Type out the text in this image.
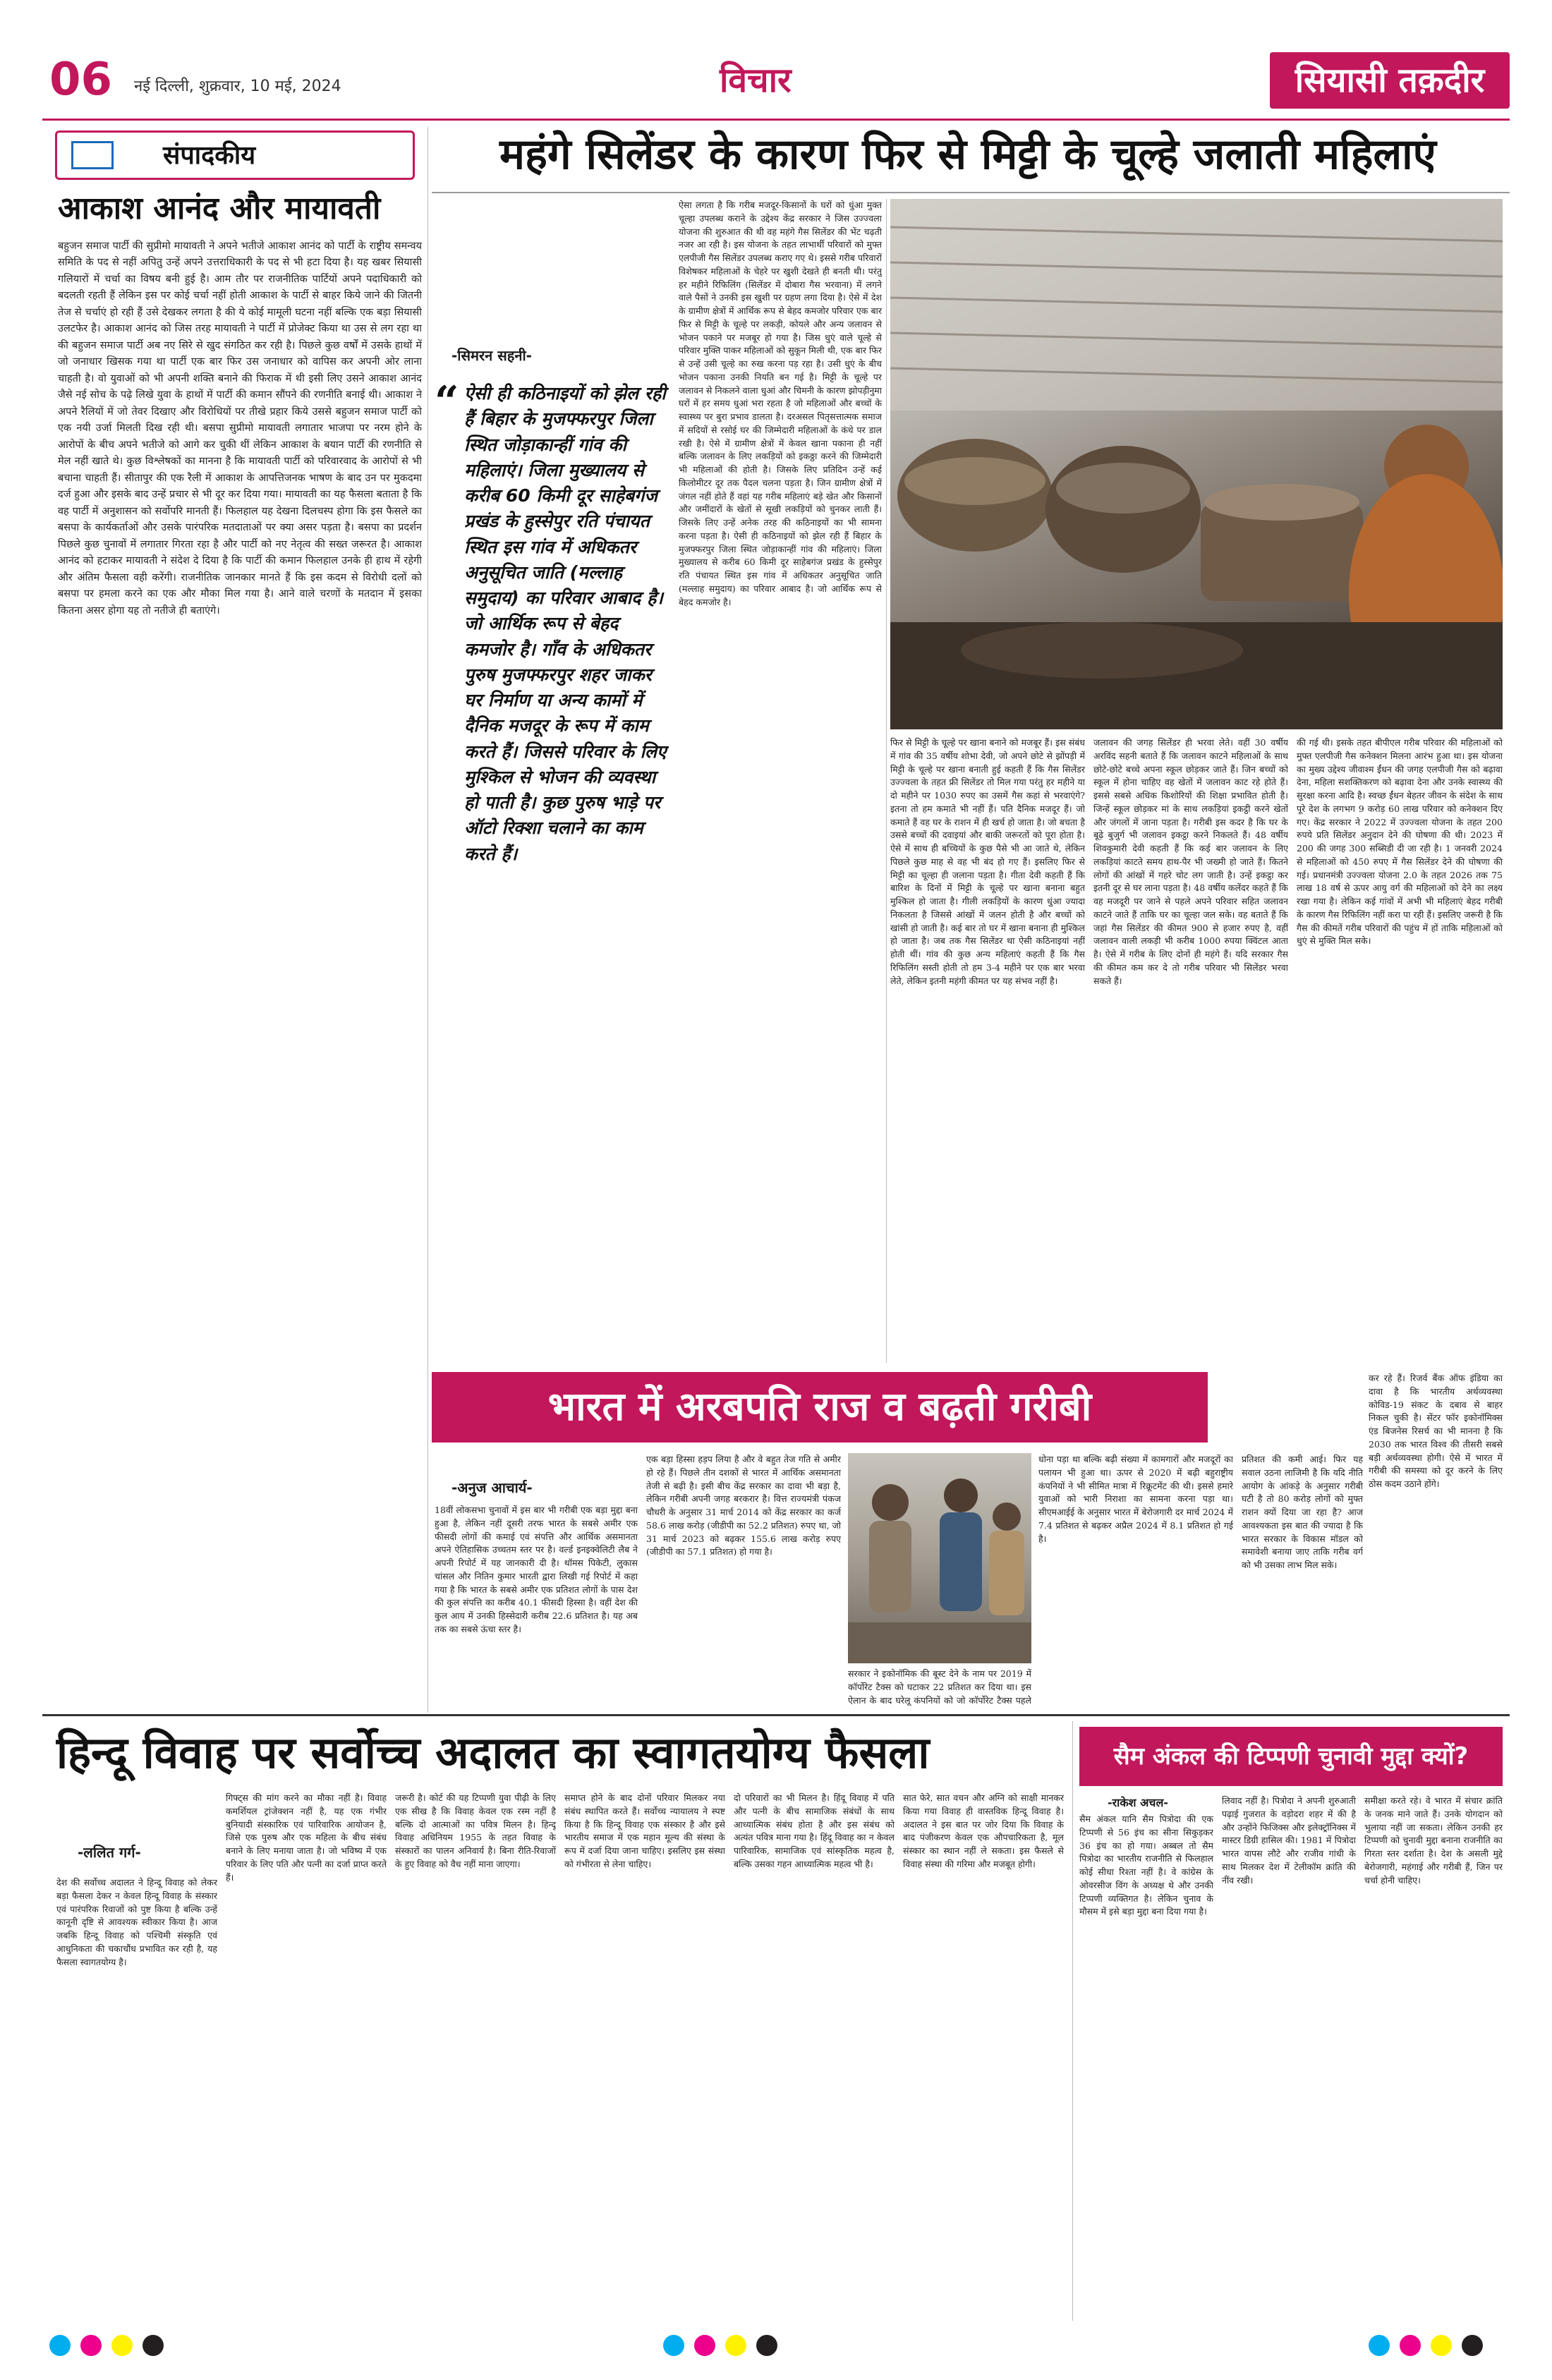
06 नई दिल्ली, शुक्रवार, 10 मई, 2024	विचार	सियासी तक़दीर
संपादकीय
आकाश आनंद और मायावती
बहुजन समाज पार्टी की सुप्रीमो मायावती ने अपने भतीजे आकाश आनंद को पार्टी के राष्ट्रीय समन्वय समिति के पद से नहीं अपितु उन्हें अपने उत्तराधिकारी के पद से भी हटा दिया है। यह खबर सियासी गलियारों में चर्चा का विषय बनी हुई है। आम तौर पर राजनीतिक पार्टियों अपने पदाधिकारी को बदलती रहती हैं लेकिन इस पर कोई चर्चा नहीं होती आकाश के पार्टी से बाहर किये जाने की जितनी तेज से चर्चाएं हो रही हैं उसे देखकर लगता है की ये कोई मामूली घटना नहीं बल्कि एक बड़ा सियासी उलटफेर है। आकाश आनंद को जिस तरह मायावती ने पार्टी में प्रोजेक्ट किया था उस से लग रहा था की बहुजन समाज पार्टी अब नए सिरे से खुद संगठित कर रही है। पिछले कुछ वर्षों में उसके हाथों में जो जनाधार खिसक गया था पार्टी एक बार फिर उस जनाधार को वापिस कर अपनी ओर लाना चाहती है। वो युवाओं को भी अपनी शक्ति बनाने की फिराक में थी इसी लिए उसने आकाश आनंद जैसे नई सोच के पढ़े लिखे युवा के हाथों में पार्टी की कमान सौंपने की रणनीति बनाई थी। आकाश ने अपने रैलियों में जो तेवर दिखाए और विरोधियों पर तीखे प्रहार किये उससे बहुजन समाज पार्टी को एक नयी उर्जा मिलती दिख रही थी। बसपा सुप्रीमो मायावती लगातार भाजपा पर नरम होने के आरोपों के बीच अपने भतीजे को आगे कर चुकी थीं लेकिन आकाश के बयान पार्टी की रणनीति से मेल नहीं खाते थे। कुछ विश्लेषकों का मानना है कि मायावती पार्टी को परिवारवाद के आरोपों से भी बचाना चाहती हैं। सीतापुर की एक रैली में आकाश के आपत्तिजनक भाषण के बाद उन पर मुकदमा दर्ज हुआ और इसके बाद उन्हें प्रचार से भी दूर कर दिया गया। मायावती का यह फैसला बताता है कि वह पार्टी में अनुशासन को सर्वोपरि मानती हैं। फिलहाल यह देखना दिलचस्प होगा कि इस फैसले का बसपा के कार्यकर्ताओं और उसके पारंपरिक मतदाताओं पर क्या असर पड़ता है। बसपा का प्रदर्शन पिछले कुछ चुनावों में लगातार गिरता रहा है और पार्टी को नए नेतृत्व की सख्त जरूरत है। आकाश आनंद को हटाकर मायावती ने संदेश दे दिया है कि पार्टी की कमान फिलहाल उनके ही हाथ में रहेगी और अंतिम फैसला वही करेंगी। राजनीतिक जानकार मानते हैं कि इस कदम से विरोधी दलों को बसपा पर हमला करने का एक और मौका मिल गया है। आने वाले चरणों के मतदान में इसका कितना असर होगा यह तो नतीजे ही बताएंगे।
महंगे सिलेंडर के कारण फिर से मिट्टी के चूल्हे जलाती महिलाएं
-सिमरन सहनी-
“ ऐसी ही कठिनाइयों को झेल रही हैं बिहार के मुजफ्फरपुर जिला स्थित जोड़ाकान्हीं गांव की महिलाएं। जिला मुख्यालय से करीब 60 किमी दूर साहेबगंज प्रखंड के हुस्सेपुर रति पंचायत स्थित इस गांव में अधिकतर अनुसूचित जाति (मल्लाह समुदाय) का परिवार आबाद है। जो आर्थिक रूप से बेहद कमजोर है। गाँव के अधिकतर पुरुष मुजफ्फरपुर शहर जाकर घर निर्माण या अन्य कामों में दैनिक मजदूर के रूप में काम करते हैं। जिससे परिवार के लिए मुश्किल से भोजन की व्यवस्था हो पाती है। कुछ पुरुष भाड़े पर ऑटो रिक्शा चलाने का काम करते हैं।
ऐसा लगता है कि गरीब मजदूर-किसानों के घरों को धुंआ मुक्त चूल्हा उपलब्ध कराने के उद्देश्य केंद्र सरकार ने जिस उज्ज्वला योजना की शुरुआत की थी वह महंगे गैस सिलेंडर की भेंट चढ़ती नजर आ रही है। इस योजना के तहत लाभार्थी परिवारों को मुफ्त एलपीजी गैस सिलेंडर उपलब्ध कराए गए थे। इससे गरीब परिवारों विशेषकर महिलाओं के चेहरे पर खुशी देखते ही बनती थी। परंतु हर महीने रिफिलिंग (सिलेंडर में दोबारा गैस भरवाना) में लगने वाले पैसों ने उनकी इस खुशी पर ग्रहण लगा दिया है। ऐसे में देश के ग्रामीण क्षेत्रों में आर्थिक रूप से बेहद कमजोर परिवार एक बार फिर से मिट्टी के चूल्हे पर लकड़ी, कोयले और अन्य जलावन से भोजन पकाने पर मजबूर हो गया है। जिस धुएं वाले चूल्हे से परिवार मुक्ति पाकर महिलाओं को सुकून मिली थी, एक बार फिर से उन्हें उसी चूल्हे का रुख करना पड़ रहा है। उसी धुएं के बीच भोजन पकाना उनकी नियति बन गई है। मिट्टी के चूल्हे पर जलावन से निकलने वाला धुआं और चिमनी के कारण झोपड़ीनुमा घरों में हर समय धुआं भरा रहता है जो महिलाओं और बच्चों के स्वास्थ्य पर बुरा प्रभाव डालता है। दरअसल पितृसत्तात्मक समाज में सदियों से रसोई घर की जिम्मेदारी महिलाओं के कंधे पर डाल रखी है। ऐसे में ग्रामीण क्षेत्रों में केवल खाना पकाना ही नहीं बल्कि जलावन के लिए लकड़ियों को इकठ्ठा करने की जिम्मेदारी भी महिलाओं की होती है। जिसके लिए प्रतिदिन उन्हें कई किलोमीटर दूर तक पैदल चलना पड़ता है। जिन ग्रामीण क्षेत्रों में जंगल नहीं होते हैं वहां यह गरीब महिलाएं बड़े खेत और किसानों और जमींदारों के खेतों से सूखी लकड़ियों को चुनकर लाती हैं। जिसके लिए उन्हें अनेक तरह की कठिनाइयों का भी सामना करना पड़ता है। ऐसी ही कठिनाइयों को झेल रही हैं बिहार के मुजफ्फरपुर जिला स्थित जोड़ाकान्हीं गांव की महिलाएं। जिला मुख्यालय से करीब 60 किमी दूर साहेबगंज प्रखंड के हुस्सेपुर रति पंचायत स्थित इस गांव में अधिकतर अनुसूचित जाति (मल्लाह समुदाय) का परिवार आबाद है। जो आर्थिक रूप से बेहद कमजोर है।
फिर से मिट्टी के चूल्हे पर खाना बनाने को मजबूर हैं। इस संबंध में गांव की 35 वर्षीय शोभा देवी, जो अपने छोटे से झोंपड़ी में मिट्टी के चूल्हे पर खाना बनाती हुई कहती हैं कि गैस सिलेंडर उज्ज्वला के तहत फ्री सिलेंडर तो मिल गया परंतु हर महीने या दो महीने पर 1030 रुपए का उसमें गैस कहां से भरवाएंगे? इतना तो हम कमाते भी नहीं हैं। पति दैनिक मजदूर हैं। जो कमाते हैं वह घर के राशन में ही खर्च हो जाता है। जो बचता है उससे बच्चों की दवाइयां और बाकी जरूरतों को पूरा होता है। ऐसे में साथ ही बच्चियों के कुछ पैसे भी आ जाते थे, लेकिन पिछले कुछ माह से वह भी बंद हो गए हैं। इसलिए फिर से मिट्टी का चूल्हा ही जलाना पड़ता है। गीता देवी कहती हैं कि बारिश के दिनों में मिट्टी के चूल्हे पर खाना बनाना बहुत मुश्किल हो जाता है। गीली लकड़ियों के कारण धुंआ ज्यादा निकलता है जिससे आंखों में जलन होती है और बच्चों को खांसी हो जाती है। कई बार तो घर में खाना बनाना ही मुश्किल हो जाता है। जब तक गैस सिलेंडर था ऐसी कठिनाइयां नहीं होती थीं। गांव की कुछ अन्य महिलाएं कहती हैं कि गैस रिफिलिंग सस्ती होती तो हम 3-4 महीने पर एक बार भरवा लेते, लेकिन इतनी महंगी कीमत पर यह संभव नहीं है।
जलावन की जगह सिलेंडर ही भरवा लेते। वहीं 30 वर्षीय अरविंद सहनी बताते हैं कि जलावन काटने महिलाओं के साथ छोटे-छोटे बच्चे अपना स्कूल छोड़कर जाते हैं। जिन बच्चों को स्कूल में होना चाहिए वह खेतों में जलावन काट रहे होते हैं। इससे सबसे अधिक किशोरियों की शिक्षा प्रभावित होती है। जिन्हें स्कूल छोड़कर मां के साथ लकड़ियां इकट्ठी करने खेतों और जंगलों में जाना पड़ता है। गरीबी इस कदर है कि घर के बूढ़े बुजुर्ग भी जलावन इकट्ठा करने निकलते हैं। 48 वर्षीय शिवकुमारी देवी कहती हैं कि कई बार जलावन के लिए लकड़ियां काटते समय हाथ-पैर भी जख्मी हो जाते हैं। कितने लोगों की आंखों में गहरे चोट लग जाती है। उन्हें इकट्ठा कर इतनी दूर से घर लाना पड़ता है। 48 वर्षीय कलेंदर कहते हैं कि वह मजदूरी पर जाने से पहले अपने परिवार सहित जलावन काटने जाते हैं ताकि घर का चूल्हा जल सके। वह बताते हैं कि जहां गैस सिलेंडर की कीमत 900 से हजार रुपए है, वहीं जलावन वाली लकड़ी भी करीब 1000 रुपया क्विंटल आता है। ऐसे में गरीब के लिए दोनों ही महंगे हैं। यदि सरकार गैस की कीमत कम कर दे तो गरीब परिवार भी सिलेंडर भरवा सकते हैं।
की गई थी। इसके तहत बीपीएल गरीब परिवार की महिलाओं को मुफ्त एलपीजी गैस कनेक्शन मिलना आरंभ हुआ था। इस योजना का मुख्य उद्देश्य जीवाश्म ईंधन की जगह एलपीजी गैस को बढ़ावा देना, महिला सशक्तिकरण को बढ़ावा देना और उनके स्वास्थ्य की सुरक्षा करना आदि है। स्वच्छ ईंधन बेहतर जीवन के संदेश के साथ पूरे देश के लगभग 9 करोड़ 60 लाख परिवार को कनेक्शन दिए गए। केंद्र सरकार ने 2022 में उज्ज्वला योजना के तहत 200 रुपये प्रति सिलेंडर अनुदान देने की घोषणा की थी। 2023 में 200 की जगह 300 सब्सिडी दी जा रही है। 1 जनवरी 2024 से महिलाओं को 450 रुपए में गैस सिलेंडर देने की घोषणा की गई। प्रधानमंत्री उज्ज्वला योजना 2.0 के तहत 2026 तक 75 लाख 18 वर्ष से ऊपर आयु वर्ग की महिलाओं को देने का लक्ष्य रखा गया है। लेकिन कई गांवों में अभी भी महिलाएं बेहद गरीबी के कारण गैस रिफिलिंग नहीं करा पा रही हैं। इसलिए जरूरी है कि गैस की कीमतें गरीब परिवारों की पहुंच में हों ताकि महिलाओं को धुएं से मुक्ति मिल सके।
भारत में अरबपति राज व बढ़ती गरीबी
-अनुज आचार्य-
18वीं लोकसभा चुनावों में इस बार भी गरीबी एक बड़ा मुद्दा बना हुआ है, लेकिन नहीं दूसरी तरफ भारत के सबसे अमीर एक फीसदी लोगों की कमाई एवं संपत्ति और आर्थिक असमानता अपने ऐतिहासिक उच्चतम स्तर पर है। वर्ल्ड इनइक्वेलिटी लैब ने अपनी रिपोर्ट में यह जानकारी दी है। थॉमस पिकेटी, लुकास चांसल और नितिन कुमार भारती द्वारा लिखी गई रिपोर्ट में कहा गया है कि भारत के सबसे अमीर एक प्रतिशत लोगों के पास देश की कुल संपत्ति का करीब 40.1 फीसदी हिस्सा है। वहीं देश की कुल आय में उनकी हिस्सेदारी करीब 22.6 प्रतिशत है। यह अब तक का सबसे ऊंचा स्तर है।
एक बड़ा हिस्सा हड़प लिया है और वे बहुत तेज गति से अमीर हो रहे हैं। पिछले तीन दशकों से भारत में आर्थिक असमानता तेजी से बढ़ी है। इसी बीच केंद्र सरकार का दावा भी बड़ा है, लेकिन गरीबी अपनी जगह बरकरार है। वित्त राज्यमंत्री पंकज चौधरी के अनुसार 31 मार्च 2014 को केंद्र सरकार का कर्ज 58.6 लाख करोड़ (जीडीपी का 52.2 प्रतिशत) रुपए था, जो 31 मार्च 2023 को बढ़कर 155.6 लाख करोड़ रुपए (जीडीपी का 57.1 प्रतिशत) हो गया है।
सरकार ने इकोनॉमिक की बूस्ट देने के नाम पर 2019 में कॉर्पोरेट टैक्स को घटाकर 22 प्रतिशत कर दिया था। इस ऐलान के बाद घरेलू कंपनियों को जो कॉर्पोरेट टैक्स पहले
धोना पड़ा था बल्कि बढ़ी संख्या में कामगारों और मजदूरों का पलायन भी हुआ था। ऊपर से 2020 में बढ़ी बहुराष्ट्रीय कंपनियों ने भी सीमित मात्रा में रिक्रूटमेंट की थी। इससे हमारे युवाओं को भारी निराशा का सामना करना पड़ा था। सीएमआईई के अनुसार भारत में बेरोजगारी दर मार्च 2024 में 7.4 प्रतिशत से बढ़कर अप्रैल 2024 में 8.1 प्रतिशत हो गई है।
प्रतिशत की कमी आई। फिर यह सवाल उठना लाजिमी है कि यदि नीति आयोग के आंकड़े के अनुसार गरीबी घटी है तो 80 करोड़ लोगों को मुफ्त राशन क्यों दिया जा रहा है? आज आवश्यकता इस बात की ज्यादा है कि भारत सरकार के विकास मॉडल को समावेशी बनाया जाए ताकि गरीब वर्ग को भी उसका लाभ मिल सके।
कर रहे हैं। रिजर्व बैंक ऑफ इंडिया का दावा है कि भारतीय अर्थव्यवस्था कोविड-19 संकट के दबाव से बाहर निकल चुकी है। सेंटर फॉर इकोनॉमिक्स एंड बिजनेस रिसर्च का भी मानना है कि 2030 तक भारत विश्व की तीसरी सबसे बड़ी अर्थव्यवस्था होगी। ऐसे में भारत में गरीबी की समस्या को दूर करने के लिए ठोस कदम उठाने होंगे।
हिन्दू विवाह पर सर्वोच्च अदालत का स्वागतयोग्य फैसला
-ललित गर्ग-
देश की सर्वोच्च अदालत ने हिन्दू विवाह को लेकर बड़ा फैसला देकर न केवल हिन्दू विवाह के संस्कार एवं पारंपरिक रिवाजों को पुष्ट किया है बल्कि उन्हें कानूनी दृष्टि से आवश्यक स्वीकार किया है। आज जबकि हिन्दू विवाह को पश्चिमी संस्कृति एवं आधुनिकता की चकाचौंध प्रभावित कर रही है, यह फैसला स्वागतयोग्य है।
गिफ्ट्स की मांग करने का मौका नहीं है। विवाह कमर्शियल ट्रांजेक्शन नहीं है, यह एक गंभीर बुनियादी संस्कारिक एवं पारिवारिक आयोजन है, जिसे एक पुरुष और एक महिला के बीच संबंध बनाने के लिए मनाया जाता है। जो भविष्य में एक परिवार के लिए पति और पत्नी का दर्जा प्राप्त करते हैं।
जरूरी है। कोर्ट की यह टिप्पणी युवा पीढ़ी के लिए एक सीख है कि विवाह केवल एक रस्म नहीं है बल्कि दो आत्माओं का पवित्र मिलन है। हिन्दू विवाह अधिनियम 1955 के तहत विवाह के संस्कारों का पालन अनिवार्य है। बिना रीति-रिवाजों के हुए विवाह को वैध नहीं माना जाएगा।
समाप्त होने के बाद दोनों परिवार मिलकर नया संबंध स्थापित करते हैं। सर्वोच्च न्यायालय ने स्पष्ट किया है कि हिन्दू विवाह एक संस्कार है और इसे भारतीय समाज में एक महान मूल्य की संस्था के रूप में दर्जा दिया जाना चाहिए। इसलिए इस संस्था को गंभीरता से लेना चाहिए।
दो परिवारों का भी मिलन है। हिंदू विवाह में पति और पत्नी के बीच सामाजिक संबंधों के साथ आध्यात्मिक संबंध होता है और इस संबंध को अत्यंत पवित्र माना गया है। हिंदू विवाह का न केवल पारिवारिक, सामाजिक एवं सांस्कृतिक महत्व है, बल्कि उसका गहन आध्यात्मिक महत्व भी है।
सात फेरे, सात वचन और अग्नि को साक्षी मानकर किया गया विवाह ही वास्तविक हिन्दू विवाह है। अदालत ने इस बात पर जोर दिया कि विवाह के बाद पंजीकरण केवल एक औपचारिकता है, मूल संस्कार का स्थान नहीं ले सकता। इस फैसले से विवाह संस्था की गरिमा और मजबूत होगी।
सैम अंकल की टिप्पणी चुनावी मुद्दा क्यों?
-राकेश अचल-
सैम अंकल यानि सैम पित्रोदा की एक टिप्पणी से 56 इंच का सीना सिकुड़कर 36 इंच का हो गया। अब्बल तो सैम पित्रोदा का भारतीय राजनीति से फिलहाल कोई सीधा रिश्ता नहीं है। वे कांग्रेस के ओवरसीज विंग के अध्यक्ष थे और उनकी टिप्पणी व्यक्तिगत है। लेकिन चुनाव के मौसम में इसे बड़ा मुद्दा बना दिया गया है।
लिवाद नहीं है। पित्रोदा ने अपनी शुरुआती पढ़ाई गुजरात के वड़ोदरा शहर में की है और उन्होंने फिजिक्स और इलेक्ट्रॉनिक्स में मास्टर डिग्री हासिल की। 1981 में पित्रोदा भारत वापस लौटे और राजीव गांधी के साथ मिलकर देश में टेलीकॉम क्रांति की नींव रखी।
समीक्षा करते रहे। वे भारत में संचार क्रांति के जनक माने जाते हैं। उनके योगदान को भुलाया नहीं जा सकता। लेकिन उनकी हर टिप्पणी को चुनावी मुद्दा बनाना राजनीति का गिरता स्तर दर्शाता है। देश के असली मुद्दे बेरोजगारी, महंगाई और गरीबी हैं, जिन पर चर्चा होनी चाहिए।
